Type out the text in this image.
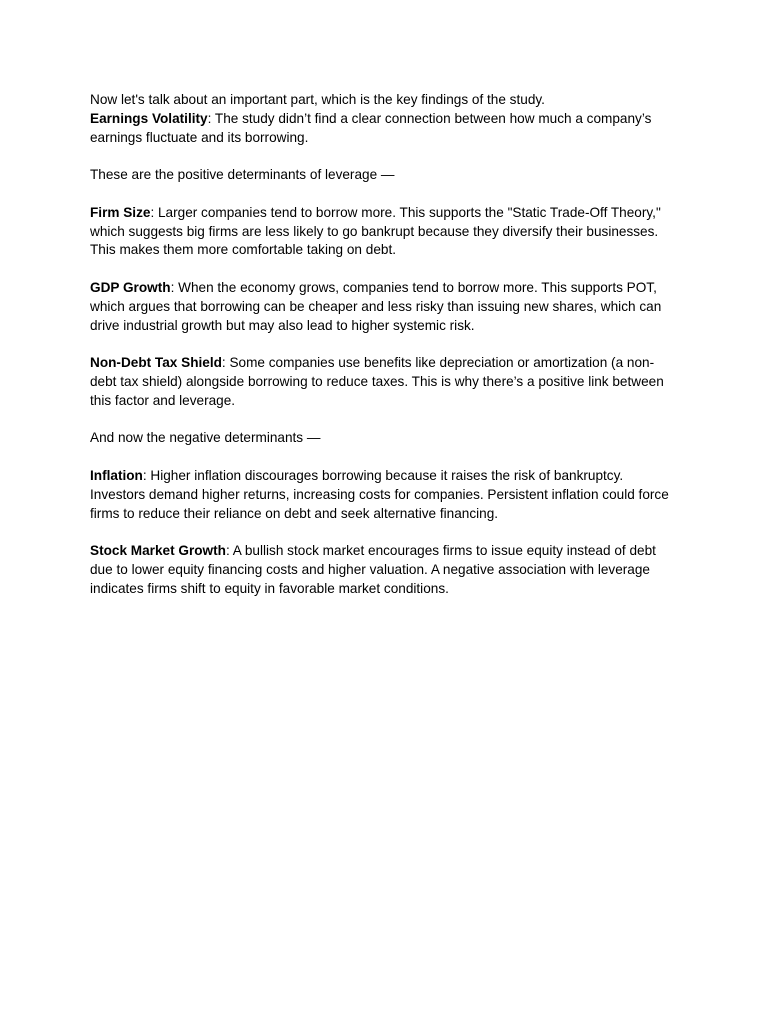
Now let's talk about an important part, which is the key findings of the study.

Earnings Volatility: The study didn’t find a clear connection between how much a company’s earnings fluctuate and its borrowing.

These are the positive determinants of leverage —

Firm Size: Larger companies tend to borrow more. This supports the "Static Trade-Off Theory," which suggests big firms are less likely to go bankrupt because they diversify their businesses. This makes them more comfortable taking on debt.

GDP Growth: When the economy grows, companies tend to borrow more. This supports POT, which argues that borrowing can be cheaper and less risky than issuing new shares, which can drive industrial growth but may also lead to higher systemic risk.

Non-Debt Tax Shield: Some companies use benefits like depreciation or amortization (a non-debt tax shield) alongside borrowing to reduce taxes. This is why there’s a positive link between this factor and leverage.

And now the negative determinants —

Inflation: Higher inflation discourages borrowing because it raises the risk of bankruptcy. Investors demand higher returns, increasing costs for companies. Persistent inflation could force firms to reduce their reliance on debt and seek alternative financing.

Stock Market Growth: A bullish stock market encourages firms to issue equity instead of debt due to lower equity financing costs and higher valuation. A negative association with leverage indicates firms shift to equity in favorable market conditions.
